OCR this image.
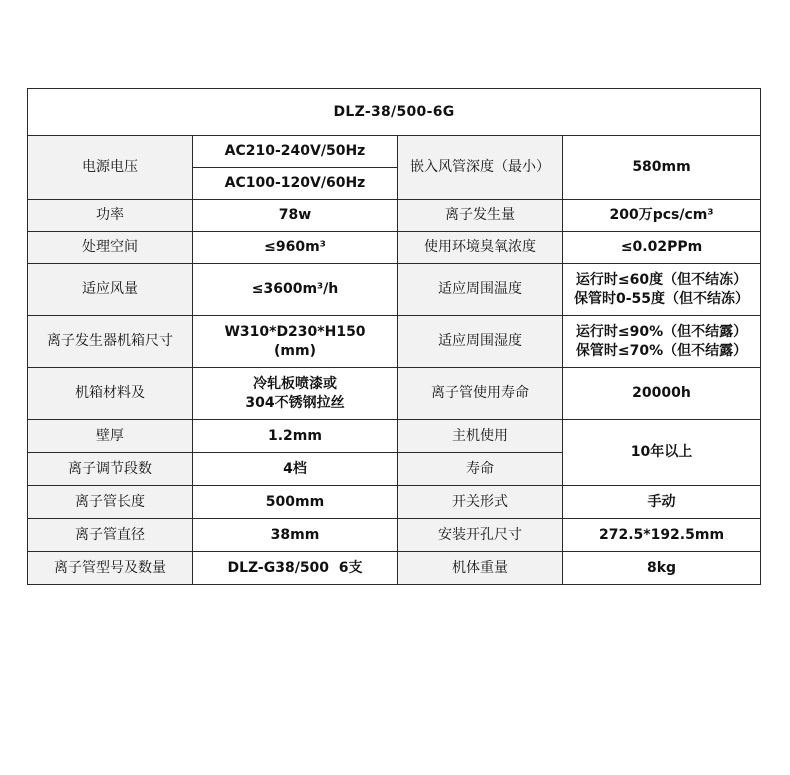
DLZ-38/500-6G			
电源电压	AC210-240V/50Hz	嵌入风管深度（最小）	580mm
	AC100-120V/60Hz		
功率	78w	离子发生量	200万pcs/cm³
处理空间	≤960m³	使用环境臭氧浓度	≤0.02PPm
适应风量	≤3600m³/h	适应周围温度	运行时≤60度（但不结冻）
保管时0-55度（但不结冻）

离子发生器机箱尺寸	W310*D230*H150
(mm)	适应周围湿度	运行时≤90%（但不结露）
保管时≤70%（但不结露）

机箱材料及	冷轧板喷漆或
304不锈钢拉丝	离子管使用寿命	20000h
壁厚	1.2mm	主机使用	10年以上
离子调节段数	4档	寿命	
离子管长度	500mm	开关形式	手动
离子管直径	38mm	安装开孔尺寸	272.5*192.5mm
离子管型号及数量	DLZ-G38/500  6支	机体重量	8kg
